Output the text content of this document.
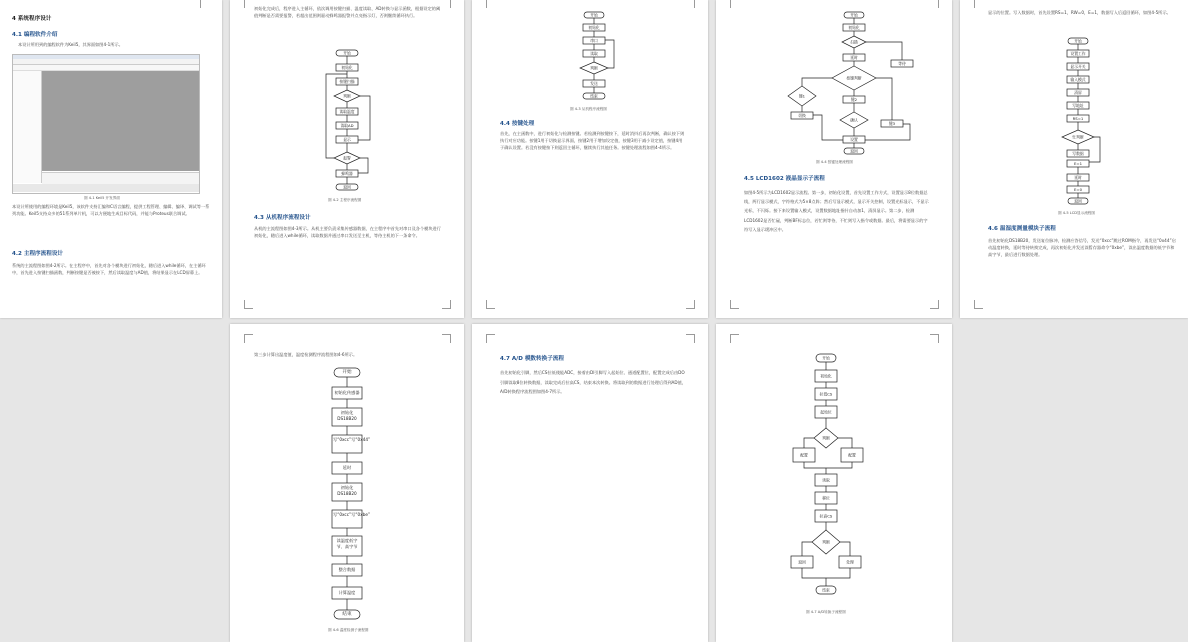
4 系统程序设计
4.1 编程软件介绍
本设计所用到的编程软件为Keil5，其界面如图4-1所示。
图 4-1 Keil5 开发界面
本设计所使用的编程环境是Keil5，该软件支持汇编和C语言编程，提供工程管理、编辑、编译、调试等一系列功能。Keil5支持众多的51系列单片机，可以方便地生成目标代码，并能与Proteus联合调试。
4.2 主程序流程设计
系统的主流程图如图4-2所示。在主程序中，首先对各个模块进行初始化，随后进入while循环，在主循环中，首先进入按键扫描函数，判断按键是否被按下，然后读取温度与AD值，将结果显示在LCD屏幕上。
初始化完成后，程序进入主循环，依次调用按键扫描、温度读取、AD转换与显示函数，根据设定的阈值判断是否需要报警，若超出范围则驱动蜂鸣器报警并点亮指示灯，否则继续循环执行。
开始
初始化
按键扫描
判断
读取温度
读取AD
显示
报警
蜂鸣器
返回
图 4-2 主程序流程图
4.3 从机程序流程设计
从机的主流程图如图4-3所示。从机主要负责采集传感器数据，在主程序中首先对串口及各个模块进行初始化，随后进入while循环，读取数据并通过串口发送至主机，等待主机的下一条命令。
开始
初始化
串口
读取
判断
发送
结束
图 4-3 从机程序流程图
4.4 按键处理
首先，在主函数中，进行初始化与检测按键。若检测到按键按下，延时消抖后再次判断，确认按下则执行对应功能。按键1用于切换显示界面，按键2用于增加设定值，按键3用于减小设定值，按键4用于确认设置。若没有按键按下则返回主循环，继续执行其他任务。按键处理流程如图4-4所示。
开始
初始化
扫描
延时
按键判断
键1
切换
键2
键3
等待
确认
设置
返回
图 4-4 按键处理流程图
4.5 LCD1602 液晶显示子流程
如图4-5所示为LCD1602显示流程。第一步，初始化设置，首先设置工作方式，设置显示8位数据总线，两行显示模式，字符格式为5×8点阵；然后写显示模式，显示开关控制，设置光标显示，不显示光标，不闪烁。接下来设置输入模式，设置数据地址指针自动加1，清屏显示。第二步，检测LCD1602是否忙碌，判断BF标志位，若忙则等待，不忙则写入指令或数据。最后，将需要显示的字符写入显示缓冲区中。
显示的位置。写入数据时，首先设置RS=1，RW=0，E=1，数据写入后返回循环，如图4-5所示。
开始
设置工作
显示开关
输入模式
清屏
写地址
RS=1
忙判断
写数据
E=1
延时
E=0
返回
图 4-5 LCD显示流程图
4.6 温湿度测量模块子流程
首先初始化DS18B20，发送复位脉冲，检测应答信号，发送“0xcc”跳过ROM指令，再发送“0x44”启动温度转换，延时等待转换完成，再次初始化并发送读暂存器命令“0xbe”，读出温度数据的低字节和高字节，最后进行数据处理。
第三步计算出温度值，温度检测程序流程图如4-6所示。
开始
初始化传感器
初始化DS18B20
写“0xcc”写“0x44”
延时
初始化DS18B20
写“0xcc”写“0xbe”
读温度低字节、高字节
整合数据
计算温度
结束
图 4-6 温度检测子流程图
4.7 A/D 模数转换子流程
首先初始化引脚，然后CS拉低使能ADC，接着由DI引脚写入起始位、通道配置位，配置完成后由DO引脚读取8位转换数据，读取完成后拉高CS，结束本次转换。将读取到的数据进行处理后得到AD值，A/D转换程序流程图如图4-7所示。
开始
初始化
拉低CS
起始位
判断
配置	配置
读取
移位
拉高CS
判断
返回	处理
结束
图 4-7 A/D转换子流程图
